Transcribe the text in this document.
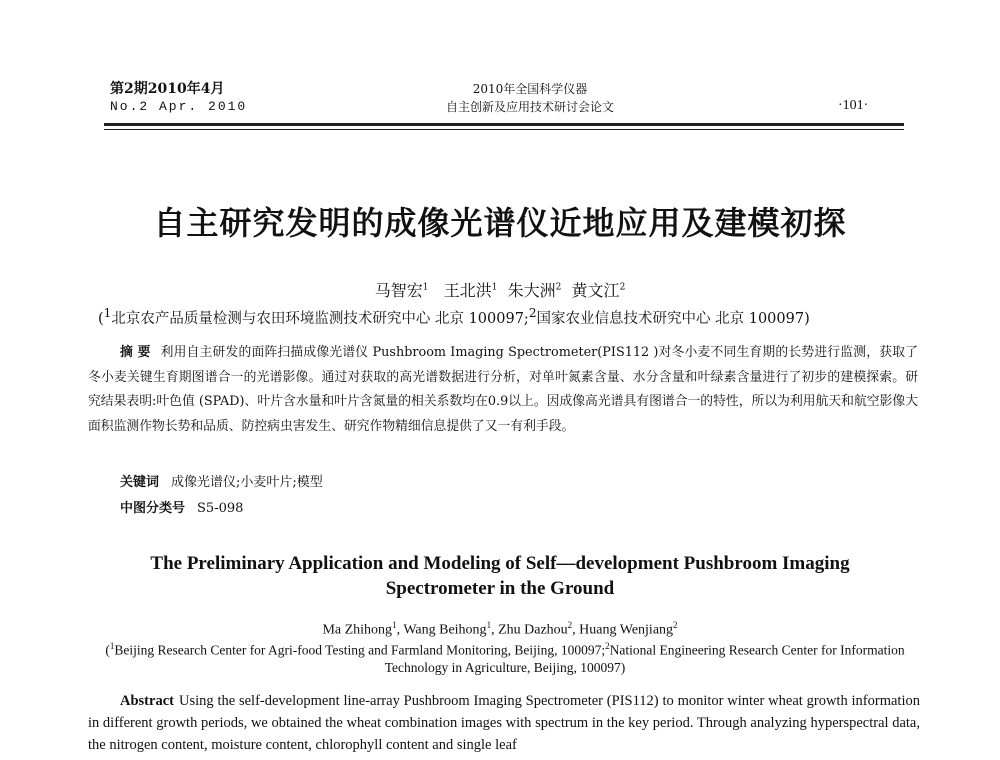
第2期2010年4月
No.2 Apr. 2010
2010年全国科学仪器
自主创新及应用技术研讨会论文	·101·
自主研究发明的成像光谱仪近地应用及建模初探
马智宏$^1$ 王北洪$^1$ 朱大洲$^2$ 黄文江$^2$
($^1$北京农产品质量检测与农田环境监测技术研究中心 北京 100097;$^2$国家农业信息技术研究中心 北京 100097)
摘 要 利用自主研发的面阵扫描成像光谱仪 Pushbroom Imaging Spectrometer(PIS112 )对冬小麦不同生育期的长势进行监测，获取了冬小麦关键生育期图谱合一的光谱影像。通过对获取的高光谱数据进行分析，对单叶氮素含量、水分含量和叶绿素含量进行了初步的建模探索。研究结果表明:叶色值 (SPAD)、叶片含水量和叶片含氮量的相关系数均在0.9以上。因成像高光谱具有图谱合一的特性，所以为利用航天和航空影像大面积监测作物长势和品质、防控病虫害发生、研究作物精细信息提供了又一有利手段。
关键词 成像光谱仪;小麦叶片;模型
中图分类号 S5-098
The Preliminary Application and Modeling of Self—development Pushbroom Imaging
Spectrometer in the Ground
Ma Zhihong$^1$, Wang Beihong$^1$, Zhu Dazhou$^2$, Huang Wenjiang$^2$
($^1$Beijing Research Center for Agri-food Testing and Farmland Monitoring, Beijing, 100097;$^2$National Engineering Research Center for Information Technology in Agriculture, Beijing, 100097)
Abstract Using the self-development line-array Pushbroom Imaging Spectrometer (PIS112) to monitor winter wheat growth information in different growth periods, we obtained the wheat combination images with spectrum in the key period. Through analyzing hyperspectral data, the nitrogen content, moisture content, chlorophyll content and single leaf
